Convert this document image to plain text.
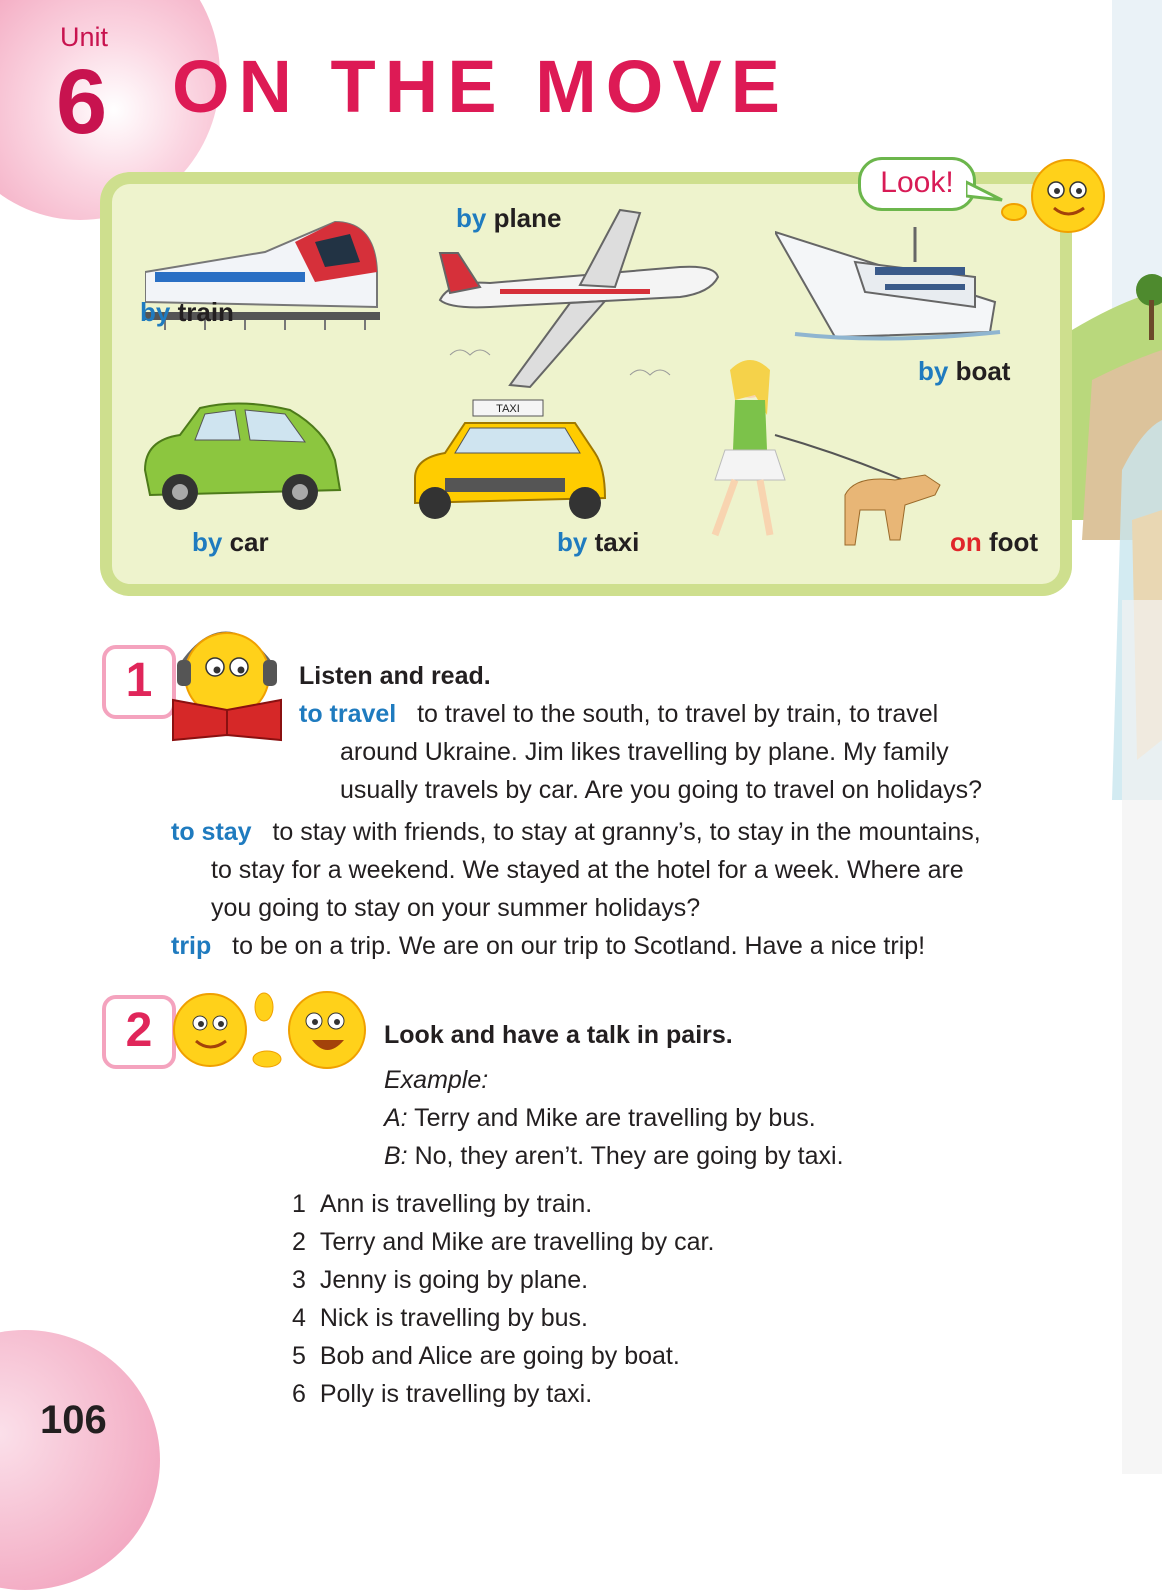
Unit
6 ON THE MOVE
Look!
by train
by plane
by boat
by car
TAXI
by taxi	on foot
1	Listen and read.
to travel to travel to the south, to travel by train, to travel
around Ukraine. Jim likes travelling by plane. My family
usually travels by car. Are you going to travel on holidays?
to stay to stay with friends, to stay at granny’s, to stay in the mountains,
to stay for a weekend. We stayed at the hotel for a week. Where are
you going to stay on your summer holidays?
trip to be on a trip. We are on our trip to Scotland. Have a nice trip!
2	Look and have a talk in pairs.
Example:
A: Terry and Mike are travelling by bus.
B: No, they aren’t. They are going by taxi.
1 Ann is travelling by train.
2 Terry and Mike are travelling by car.
3 Jenny is going by plane.
4 Nick is travelling by bus.
5 Bob and Alice are going by boat.
6 Polly is travelling by taxi.
106
